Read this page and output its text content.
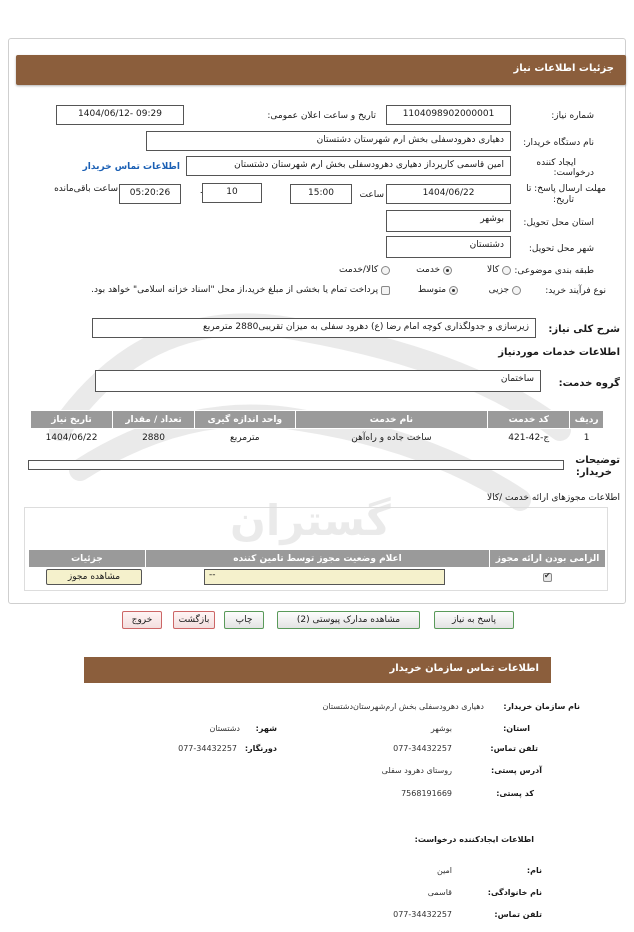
گستران
جزئیات اطلاعات نیاز
شماره نیاز:
1104098902000001
تاریخ و ساعت اعلان عمومی:
1404/06/12- 09:29
نام دستگاه خریدار:
دهیاری دهرودسفلی بخش ارم شهرستان دشتستان
ایجاد کننده
درخواست:
امین قاسمی کارپرداز دهیاری دهرودسفلی بخش ارم شهرستان دشتستان
اطلاعات تماس خریدار
مهلت ارسال پاسخ: تا
تاریخ:
1404/06/22
ساعت
15:00
10
05:20:26
ساعت باقی‌مانده
استان محل تحویل:
بوشهر
شهر محل تحویل:
دشتستان
طبقه بندی موضوعی:
کالا
خدمت
کالا/خدمت
نوع فرآیند خرید:
جزیی
متوسط
پرداخت تمام یا بخشی از مبلغ خرید،از محل "اسناد خزانه اسلامی" خواهد بود.
شرح کلی نیاز:
زیرسازی و جدولگذاری کوچه امام رضا (ع) دهرود سفلی به میزان تقریبی2880 مترمربع
اطلاعات خدمات موردنیاز
گروه خدمت:
ساختمان
ردیف	کد خدمت	نام خدمت	واحد اندازه گیری	تعداد / مقدار	تاریخ نیاز
1	ج-42-421	ساخت جاده و راه‌آهن	مترمربع	2880	1404/06/22
توضیحات
خریدار:
اطلاعات مجوزهای ارائه خدمت /کالا
الزامی بودن ارائه مجوز	اعلام وضعیت مجوز توسط تامین کننده	جزئیات
✔
--
مشاهده مجوز
پاسخ به نیاز
مشاهده مدارک پیوستی (2)
چاپ
بازگشت
خروج
اطلاعات تماس سازمان خریدار
نام سازمان خریدار:
دهیاری دهرودسفلی بخش ارم‌شهرستان‌دشتستان
استان:
بوشهر
شهر:
دشتستان
تلفن تماس:
077-34432257
دورنگار:
077-34432257
آدرس پستی:
روستای دهرود سفلی
کد پستی:
7568191669
اطلاعات ایجادکننده درخواست:
نام:
امین
نام خانوادگی:
قاسمی
تلفن تماس:
077-34432257
